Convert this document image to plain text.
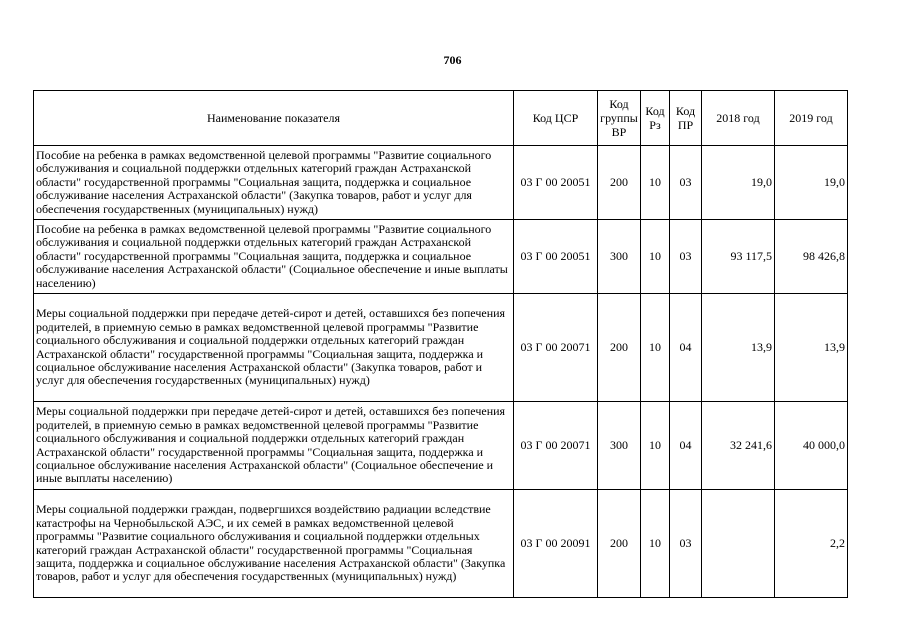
706
Наименование показателя	Код ЦСР	Код группы ВР	Код Рз	Код ПР	2018 год	2019 год
Пособие на ребенка в рамках ведомственной целевой программы "Развитие социального обслуживания и социальной поддержки отдельных категорий граждан Астраханской области" государственной программы "Социальная защита, поддержка и социальное обслуживание населения Астраханской области" (Закупка товаров, работ и услуг для обеспечения государственных (муниципальных) нужд)	03 Г 00 20051	200	10	03	19,0	19,0
Пособие на ребенка в рамках ведомственной целевой программы "Развитие социального обслуживания и социальной поддержки отдельных категорий граждан Астраханской области" государственной программы "Социальная защита, поддержка и социальное обслуживание населения Астраханской области" (Социальное обеспечение и иные выплаты населению)	03 Г 00 20051	300	10	03	93 117,5	98 426,8
Меры социальной поддержки при передаче детей-сирот и детей, оставшихся без попечения родителей, в приемную семью в рамках ведомственной целевой программы "Развитие социального обслуживания и социальной поддержки отдельных категорий граждан Астраханской области" государственной программы "Социальная защита, поддержка и социальное обслуживание населения Астраханской области" (Закупка товаров, работ и услуг для обеспечения государственных (муниципальных) нужд)	03 Г 00 20071	200	10	04	13,9	13,9
Меры социальной поддержки при передаче детей-сирот и детей, оставшихся без попечения родителей, в приемную семью в рамках ведомственной целевой программы "Развитие социального обслуживания и социальной поддержки отдельных категорий граждан Астраханской области" государственной программы "Социальная защита, поддержка и социальное обслуживание населения Астраханской области" (Социальное обеспечение и иные выплаты населению)	03 Г 00 20071	300	10	04	32 241,6	40 000,0
Меры социальной поддержки граждан, подвергшихся воздействию радиации вследствие катастрофы на Чернобыльской АЭС, и их семей в рамках ведомственной целевой программы "Развитие социального обслуживания и социальной поддержки отдельных категорий граждан Астраханской области" государственной программы "Социальная защита, поддержка и социальное обслуживание населения Астраханской области" (Закупка товаров, работ и услуг для обеспечения государственных (муниципальных) нужд)	03 Г 00 20091	200	10	03		2,2
